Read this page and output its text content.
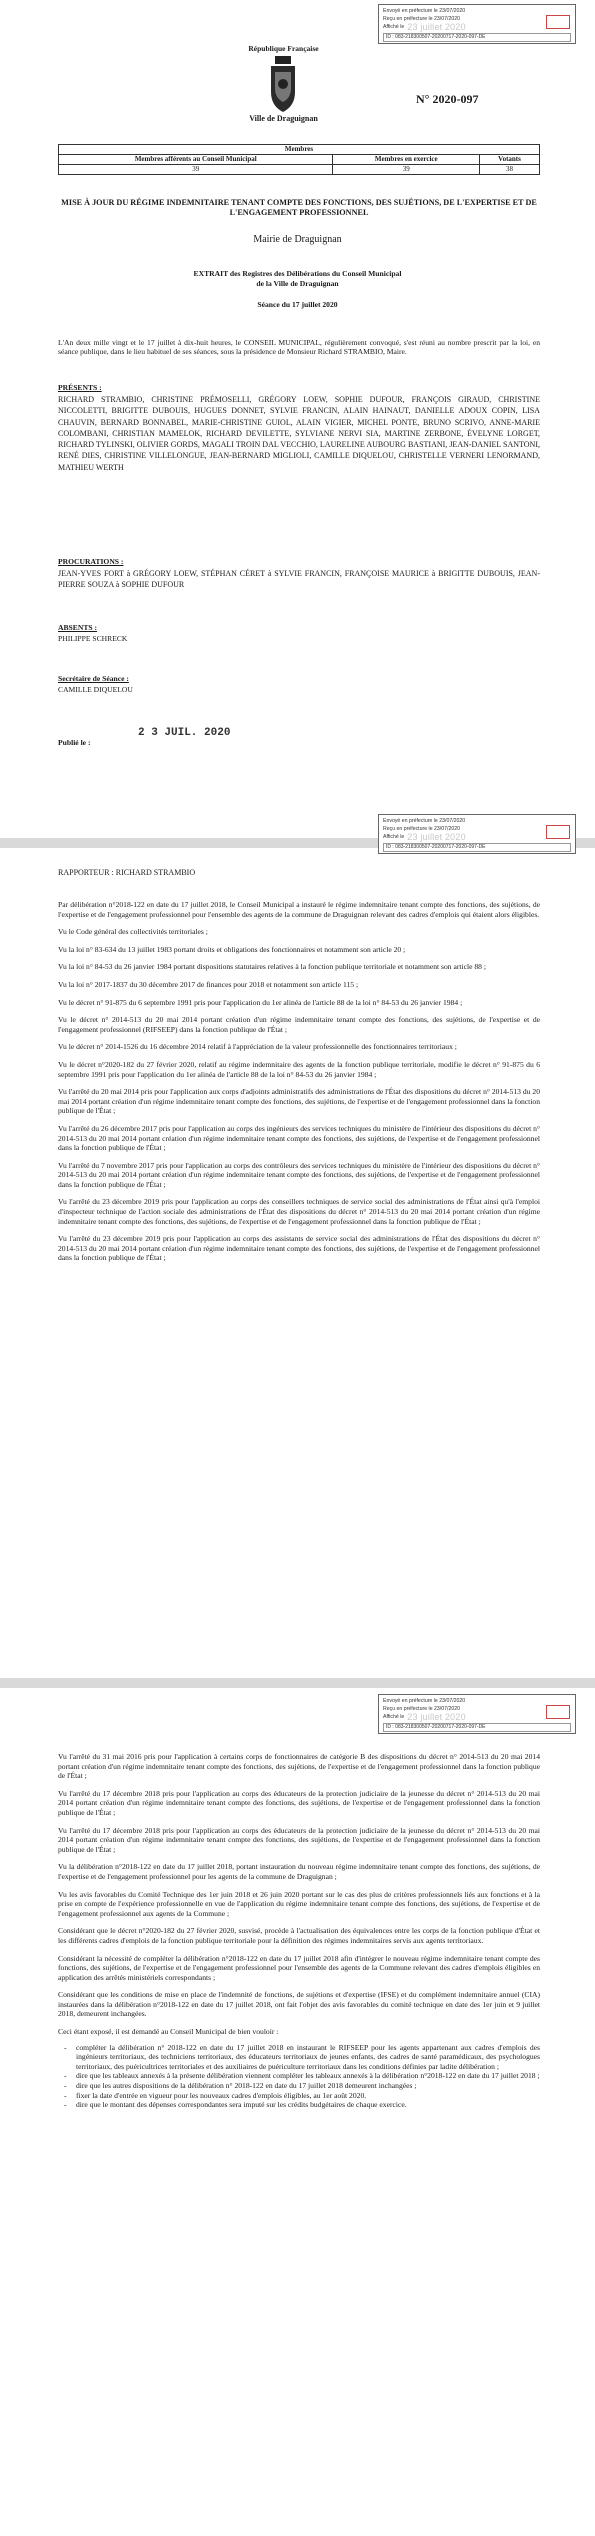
Envoyé en préfecture le 23/07/2020
Reçu en préfecture le 23/07/2020
Affiché le 23 juillet 2020
ID : 083-218300507-20200717-2020-097-DE
République Française
Ville de Draguignan
N° 2020-097
Membres		
Membres afférents au Conseil Municipal	Membres en exercice	Votants
39	39	38
MISE À JOUR DU RÉGIME INDEMNITAIRE TENANT COMPTE DES FONCTIONS, DES SUJÉTIONS, DE L'EXPERTISE ET DE L'ENGAGEMENT PROFESSIONNEL
Mairie de Draguignan
EXTRAIT des Registres des Délibérations du Conseil Municipal
de la Ville de Draguignan
Séance du 17 juillet 2020
L'An deux mille vingt et le 17 juillet à dix-huit heures, le CONSEIL MUNICIPAL, régulièrement convoqué, s'est réuni au nombre prescrit par la loi, en séance publique, dans le lieu habituel de ses séances, sous la présidence de Monsieur Richard STRAMBIO, Maire.
PRÉSENTS :
RICHARD STRAMBIO, CHRISTINE PRÉMOSELLI, GRÉGORY LOEW, SOPHIE DUFOUR, FRANÇOIS GIRAUD, CHRISTINE NICCOLETTI, BRIGITTE DUBOUIS, HUGUES DONNET, SYLVIE FRANCIN, ALAIN HAINAUT, DANIELLE ADOUX COPIN, LISA CHAUVIN, BERNARD BONNABEL, MARIE-CHRISTINE GUIOL, ALAIN VIGIER, MICHEL PONTE, BRUNO SCRIVO, ANNE-MARIE COLOMBANI, CHRISTIAN MAMELOK, RICHARD DEVILETTE, SYLVIANE NERVI SIA, MARTINE ZERBONE, ÉVELYNE LORGET, RICHARD TYLINSKI, OLIVIER GORDS, MAGALI TROIN DAL VECCHIO, LAURELINE AUBOURG BASTIANI, JEAN-DANIEL SANTONI, RENÉ DIES, CHRISTINE VILLELONGUE, JEAN-BERNARD MIGLIOLI, CAMILLE DIQUELOU, CHRISTELLE VERNERI LENORMAND, MATHIEU WERTH
PROCURATIONS :
JEAN-YVES FORT à GRÉGORY LOEW, STÉPHAN CÉRET à SYLVIE FRANCIN, FRANÇOISE MAURICE à BRIGITTE DUBOUIS, JEAN-PIERRE SOUZA à SOPHIE DUFOUR
ABSENTS :
PHILIPPE SCHRECK
Secrétaire de Séance :
CAMILLE DIQUELOU
Publié le :
2 3 JUIL. 2020
Envoyé en préfecture le 23/07/2020
Reçu en préfecture le 23/07/2020
Affiché le 23 juillet 2020
ID : 083-218300507-20200717-2020-097-DE
RAPPORTEUR : RICHARD STRAMBIO

Par délibération n°2018-122 en date du 17 juillet 2018, le Conseil Municipal a instauré le régime indemnitaire tenant compte des fonctions, des sujétions, de l'expertise et de l'engagement professionnel pour l'ensemble des agents de la commune de Draguignan relevant des cadres d'emplois qui étaient alors éligibles.

Vu le Code général des collectivités territoriales ;

Vu la loi n° 83-634 du 13 juillet 1983 portant droits et obligations des fonctionnaires et notamment son article 20 ;

Vu la loi n° 84-53 du 26 janvier 1984 portant dispositions statutaires relatives à la fonction publique territoriale et notamment son article 88 ;

Vu la loi n° 2017-1837 du 30 décembre 2017 de finances pour 2018 et notamment son article 115 ;

Vu le décret n° 91-875 du 6 septembre 1991 pris pour l'application du 1er alinéa de l'article 88 de la loi n° 84-53 du 26 janvier 1984 ;

Vu le décret n° 2014-513 du 20 mai 2014 portant création d'un régime indemnitaire tenant compte des fonctions, des sujétions, de l'expertise et de l'engagement professionnel (RIFSEEP) dans la fonction publique de l'État ;

Vu le décret n° 2014-1526 du 16 décembre 2014 relatif à l'appréciation de la valeur professionnelle des fonctionnaires territoriaux ;

Vu le décret n°2020-182 du 27 février 2020, relatif au régime indemnitaire des agents de la fonction publique territoriale, modifie le décret n° 91-875 du 6 septembre 1991 pris pour l'application du 1er alinéa de l'article 88 de la loi n° 84-53 du 26 janvier 1984 ;

Vu l'arrêté du 20 mai 2014 pris pour l'application aux corps d'adjoints administratifs des administrations de l'État des dispositions du décret n° 2014-513 du 20 mai 2014 portant création d'un régime indemnitaire tenant compte des fonctions, des sujétions, de l'expertise et de l'engagement professionnel dans la fonction publique de l'État ;

Vu l'arrêté du 26 décembre 2017 pris pour l'application au corps des ingénieurs des services techniques du ministère de l'intérieur des dispositions du décret n° 2014-513 du 20 mai 2014 portant création d'un régime indemnitaire tenant compte des fonctions, des sujétions, de l'expertise et de l'engagement professionnel dans la fonction publique de l'État ;

Vu l'arrêté du 7 novembre 2017 pris pour l'application au corps des contrôleurs des services techniques du ministère de l'intérieur des dispositions du décret n° 2014-513 du 20 mai 2014 portant création d'un régime indemnitaire tenant compte des fonctions, des sujétions, de l'expertise et de l'engagement professionnel dans la fonction publique de l'État ;

Vu l'arrêté du 23 décembre 2019 pris pour l'application au corps des conseillers techniques de service social des administrations de l'État ainsi qu'à l'emploi d'inspecteur technique de l'action sociale des administrations de l'État des dispositions du décret n° 2014-513 du 20 mai 2014 portant création d'un régime indemnitaire tenant compte des fonctions, des sujétions, de l'expertise et de l'engagement professionnel dans la fonction publique de l'État ;

Vu l'arrêté du 23 décembre 2019 pris pour l'application au corps des assistants de service social des administrations de l'État des dispositions du décret n° 2014-513 du 20 mai 2014 portant création d'un régime indemnitaire tenant compte des fonctions, des sujétions, de l'expertise et de l'engagement professionnel dans la fonction publique de l'État ;

Envoyé en préfecture le 23/07/2020
Reçu en préfecture le 23/07/2020
Affiché le 23 juillet 2020
ID : 083-218300507-20200717-2020-097-DE

Vu l'arrêté du 31 mai 2016 pris pour l'application à certains corps de fonctionnaires de catégorie B des dispositions du décret n° 2014-513 du 20 mai 2014 portant création d'un régime indemnitaire tenant compte des fonctions, des sujétions, de l'expertise et de l'engagement professionnel dans la fonction publique de l'État ;

Vu l'arrêté du 17 décembre 2018 pris pour l'application au corps des éducateurs de la protection judiciaire de la jeunesse du décret n° 2014-513 du 20 mai 2014 portant création d'un régime indemnitaire tenant compte des fonctions, des sujétions, de l'expertise et de l'engagement professionnel dans la fonction publique de l'État ;

Vu l'arrêté du 17 décembre 2018 pris pour l'application au corps des éducateurs de la protection judiciaire de la jeunesse du décret n° 2014-513 du 20 mai 2014 portant création d'un régime indemnitaire tenant compte des fonctions, des sujétions, de l'expertise et de l'engagement professionnel dans la fonction publique de l'État ;

Vu la délibération n°2018-122 en date du 17 juillet 2018, portant instauration du nouveau régime indemnitaire tenant compte des fonctions, des sujétions, de l'expertise et de l'engagement professionnel pour les agents de la commune de Draguignan ;

Vu les avis favorables du Comité Technique des 1er juin 2018 et 26 juin 2020 portant sur le cas des plus de critères professionnels liés aux fonctions et à la prise en compte de l'expérience professionnelle en vue de l'application du régime indemnitaire tenant compte des fonctions, des sujétions, de l'expertise et de l'engagement professionnel aux agents de la Commune ;

Considérant que le décret n°2020-182 du 27 février 2020, susvisé, procède à l'actualisation des équivalences entre les corps de la fonction publique d'État et les différents cadres d'emplois de la fonction publique territoriale pour la définition des régimes indemnitaires servis aux agents territoriaux.

Considérant la nécessité de compléter la délibération n°2018-122 en date du 17 juillet 2018 afin d'intégrer le nouveau régime indemnitaire tenant compte des fonctions, des sujétions, de l'expertise et de l'engagement professionnel pour l'ensemble des agents de la Commune relevant des cadres d'emplois éligibles en application des arrêtés ministériels correspondants ;

Considérant que les conditions de mise en place de l'indemnité de fonctions, de sujétions et d'expertise (IFSE) et du complément indemnitaire annuel (CIA) instaurées dans la délibération n°2018-122 en date du 17 juillet 2018, ont fait l'objet des avis favorables du comité technique en date des 1er juin et 9 juillet 2018, demeurent inchangées.

Ceci étant exposé, il est demandé au Conseil Municipal de bien vouloir :

- compléter la délibération n° 2018-122 en date du 17 juillet 2018 en instaurant le RIFSEEP pour les agents appartenant aux cadres d'emplois des ingénieurs territoriaux, des techniciens territoriaux, des éducateurs territoriaux de jeunes enfants, des cadres de santé paramédicaux, des psychologues territoriaux, des puéricultrices territoriales et des auxiliaires de puériculture territoriaux dans les conditions définies par ladite délibération ;
- dire que les tableaux annexés à la présente délibération viennent compléter les tableaux annexés à la délibération n°2018-122 en date du 17 juillet 2018 ;
- dire que les autres dispositions de la délibération n° 2018-122 en date du 17 juillet 2018 demeurent inchangées ;
- fixer la date d'entrée en vigueur pour les nouveaux cadres d'emplois éligibles, au 1er août 2020.
- dire que le montant des dépenses correspondantes sera imputé sur les crédits budgétaires de chaque exercice.
